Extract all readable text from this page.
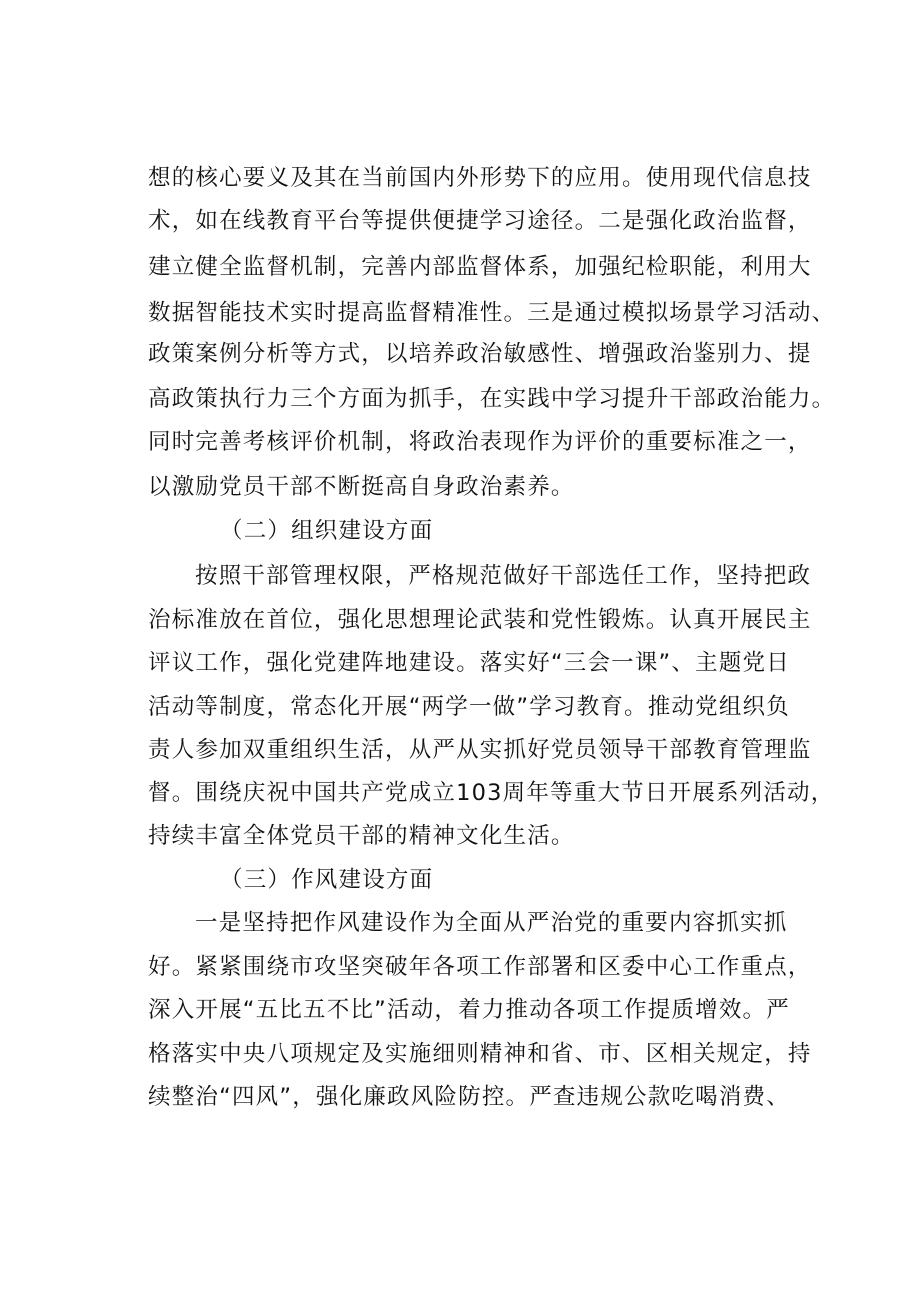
想的核心要义及其在当前国内外形势下的应用。使用现代信息技
术，如在线教育平台等提供便捷学习途径。二是强化政治监督，
建立健全监督机制，完善内部监督体系，加强纪检职能，利用大
数据智能技术实时提高监督精准性。三是通过模拟场景学习活动、
政策案例分析等方式，以培养政治敏感性、增强政治鉴别力、提
高政策执行力三个方面为抓手，在实践中学习提升干部政治能力。
同时完善考核评价机制，将政治表现作为评价的重要标准之一，
以激励党员干部不断挺高自身政治素养。
（二）组织建设方面
按照干部管理权限，严格规范做好干部选任工作，坚持把政
治标准放在首位，强化思想理论武装和党性锻炼。认真开展民主
评议工作，强化党建阵地建设。落实好“三会一课”、主题党日
活动等制度，常态化开展“两学一做”学习教育。推动党组织负
责人参加双重组织生活，从严从实抓好党员领导干部教育管理监
督。围绕庆祝中国共产党成立103周年等重大节日开展系列活动，
持续丰富全体党员干部的精神文化生活。
（三）作风建设方面
一是坚持把作风建设作为全面从严治党的重要内容抓实抓
好。紧紧围绕市攻坚突破年各项工作部署和区委中心工作重点，
深入开展“五比五不比”活动，着力推动各项工作提质增效。严
格落实中央八项规定及实施细则精神和省、市、区相关规定，持
续整治“四风”，强化廉政风险防控。严查违规公款吃喝消费、
